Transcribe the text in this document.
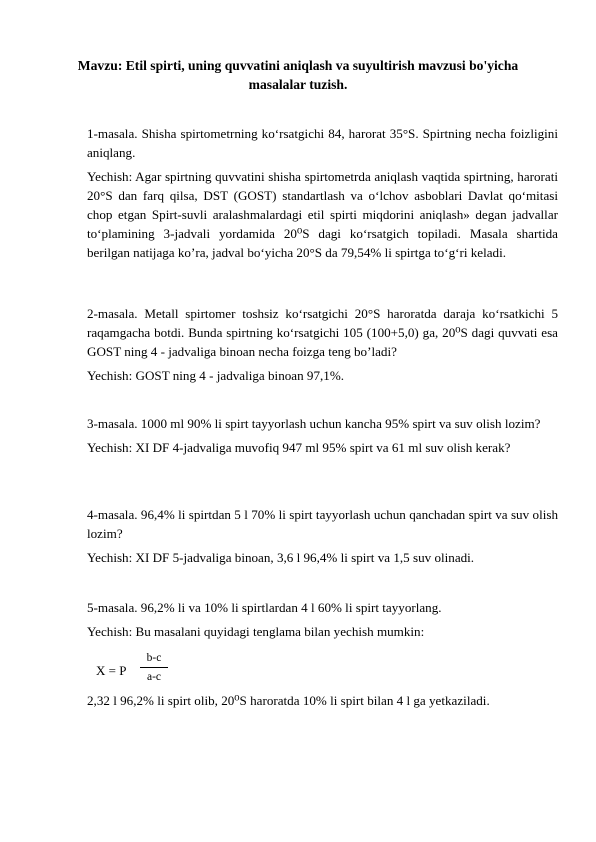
Mavzu: Etil spirti, uning quvvatini aniqlash va suyultirish mavzusi bo'yicha masalalar tuzish.

1-masala. Shisha spirtometrning ko‘rsatgichi 84, harorat 35°S. Spirtning necha foizligini aniqlang.

Yechish: Agar spirtning quvvatini shisha spirtometrda aniqlash vaqtida spirtning, harorati 20°S dan farq qilsa, DST (GOST) standartlash va o‘lchov asboblari Davlat qo‘mitasi chop etgan Spirt-suvli aralashmalardagi etil spirti miqdorini aniqlash» degan jadvallar to‘plamining 3-jadvali yordamida 20⁰S dagi ko‘rsatgich topiladi. Masala shartida berilgan natijaga ko’ra, jadval bo‘yicha 20°S da 79,54% li spirtga to‘g‘ri keladi.

2-masala. Metall spirtomer toshsiz ko‘rsatgichi 20°S haroratda daraja ko‘rsatkichi 5 raqamgacha botdi. Bunda spirtning ko‘rsatgichi 105 (100+5,0) ga, 20⁰S dagi quvvati esa GOST ning 4 - jadvaliga binoan necha foizga teng bo’ladi?

Yechish: GOST ning 4 - jadvaliga binoan 97,1%.

3-masala. 1000 ml 90% li spirt tayyorlash uchun kancha 95% spirt va suv olish lozim?

Yechish: XI DF 4-jadvaliga muvofiq 947 ml 95% spirt va 61 ml suv olish kerak?

4-masala. 96,4% li spirtdan 5 l 70% li spirt tayyorlash uchun qanchadan spirt va suv olish lozim?

Yechish: XI DF 5-jadvaliga binoan, 3,6 l 96,4% li spirt va 1,5 suv olinadi.

5-masala. 96,2% li va 10% li spirtlardan 4 l 60% li spirt tayyorlang.

Yechish: Bu masalani quyidagi tenglama bilan yechish mumkin:

X = P
b-c
a-c

2,32 l 96,2% li spirt olib, 20⁰S haroratda 10% li spirt bilan 4 l ga yetkaziladi.
